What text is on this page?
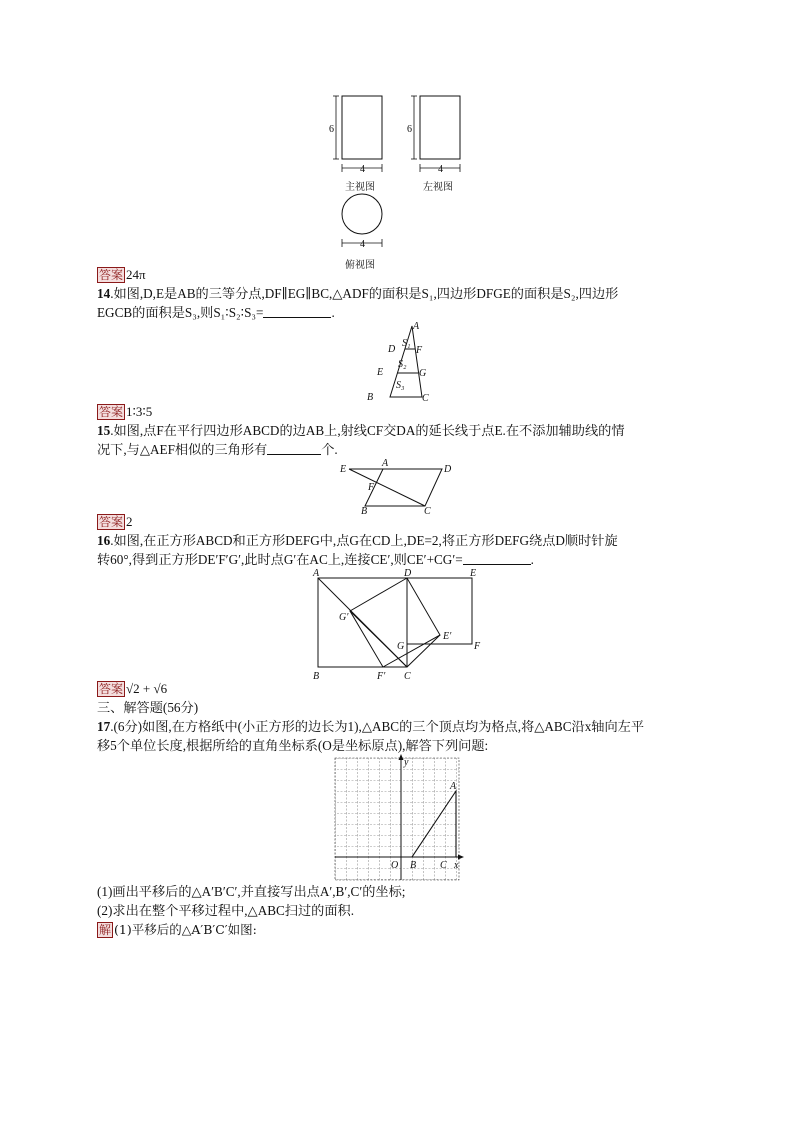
6
4
6
4
4
主视图	左视图
俯视图
答案 24π
14.如图,D,E是AB的三等分点,DF∥EG∥BC,△ADF的面积是S₁,四边形DFGE的面积是S₂,四边形
EGCB的面积是S₃,则S₁∶S₂∶S₃=	.
A
S₁
D F
S₂
E	G
S₃
B	C
答案 1∶3∶5
15.如图,点F在平行四边形ABCD的边AB上,射线CF交DA的延长线于点E.在不添加辅助线的情
况下,与△AEF相似的三角形有	个.
E
A
D
F
B	C
答案 2
16.如图,在正方形ABCD和正方形DEFG中,点G在CD上,DE=2,将正方形DEFG绕点D顺时针旋
转60°,得到正方形DE′F′G′,此时点G′在AC上,连接CE′,则CE′+CG′=	.
A	D	E
G′
G
E′
F
B	F′ C
答案 √2 + √6
三、解答题(56分)
17.(6分)如图,在方格纸中(小正方形的边长为1),△ABC的三个顶点均为格点,将△ABC沿x轴向左平
移5个单位长度,根据所给的直角坐标系(O是坐标原点),解答下列问题:
y
A
O B C x
(1)画出平移后的△A′B′C′,并直接写出点A′,B′,C′的坐标;
(2)求出在整个平移过程中,△ABC扫过的面积.
解 (1)平移后的△A′B′C′如图:
